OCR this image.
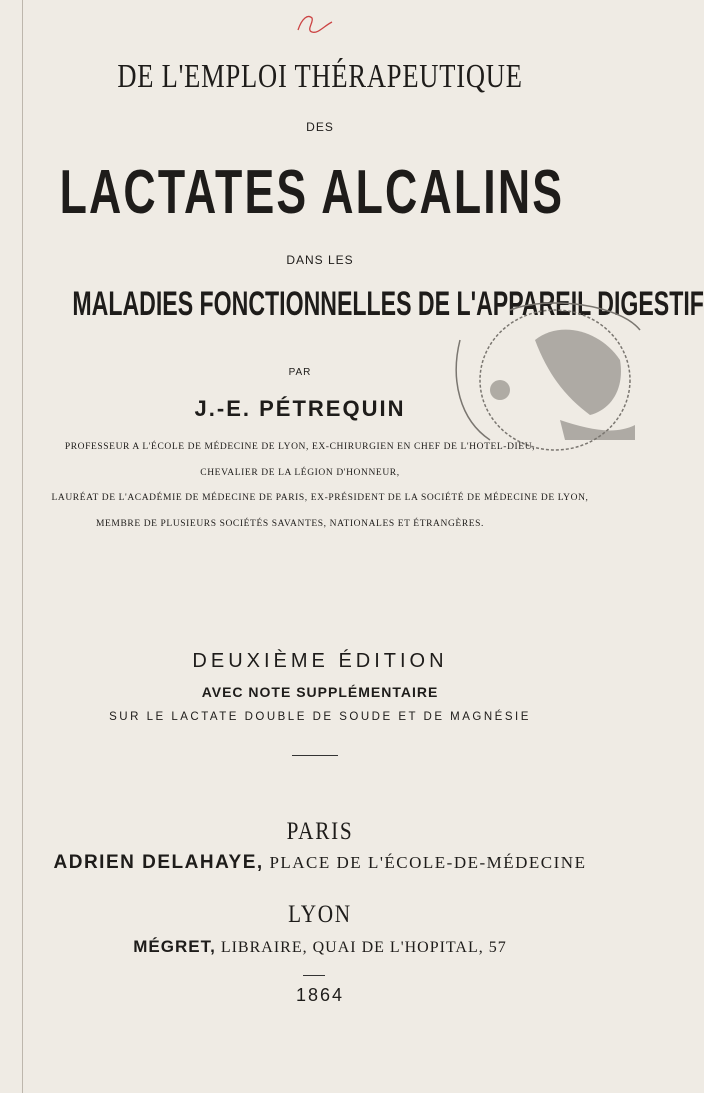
DE L'EMPLOI THÉRAPEUTIQUE
DES
LACTATES ALCALINS
DANS LES
MALADIES FONCTIONNELLES DE L'APPAREIL DIGESTIF
PAR
J.-E. PÉTREQUIN
PROFESSEUR A L'ÉCOLE DE MÉDECINE DE LYON, EX-CHIRURGIEN EN CHEF DE L'HOTEL-DIEU,
CHEVALIER DE LA LÉGION D'HONNEUR,
LAURÉAT DE L'ACADÉMIE DE MÉDECINE DE PARIS, EX-PRÉSIDENT DE LA SOCIÉTÉ DE MÉDECINE DE LYON,
MEMBRE DE PLUSIEURS SOCIÉTÉS SAVANTES, NATIONALES ET ÉTRANGÈRES.
DEUXIÈME ÉDITION
AVEC NOTE SUPPLÉMENTAIRE
SUR LE LACTATE DOUBLE DE SOUDE ET DE MAGNÉSIE
PARIS
ADRIEN DELAHAYE, PLACE DE L'ÉCOLE-DE-MÉDECINE
LYON
MÉGRET, LIBRAIRE, QUAI DE L'HOPITAL, 57
1864
